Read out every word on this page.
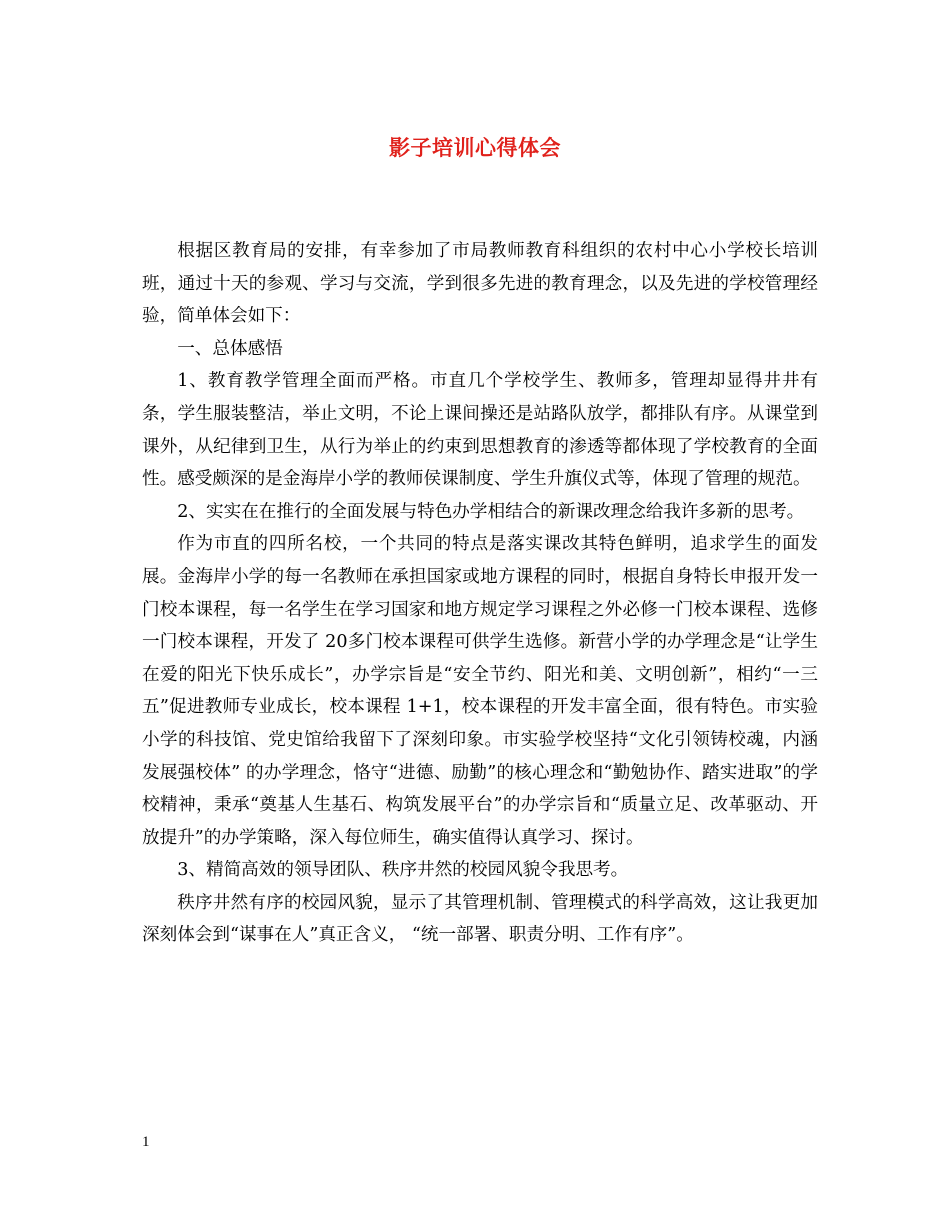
影子培训心得体会

根据区教育局的安排，有幸参加了市局教师教育科组织的农村中心小学校长培训班，通过十天的参观、学习与交流，学到很多先进的教育理念，以及先进的学校管理经验，简单体会如下：

一、总体感悟

1、教育教学管理全面而严格。市直几个学校学生、教师多，管理却显得井井有条，学生服装整洁，举止文明，不论上课间操还是站路队放学，都排队有序。从课堂到课外，从纪律到卫生，从行为举止的约束到思想教育的渗透等都体现了学校教育的全面性。感受颇深的是金海岸小学的教师侯课制度、学生升旗仪式等，体现了管理的规范。

2、实实在在推行的全面发展与特色办学相结合的新课改理念给我许多新的思考。

作为市直的四所名校，一个共同的特点是落实课改其特色鲜明，追求学生的面发展。金海岸小学的每一名教师在承担国家或地方课程的同时，根据自身特长申报开发一门校本课程，每一名学生在学习国家和地方规定学习课程之外必修一门校本课程、选修一门校本课程，开发了 20多门校本课程可供学生选修。新营小学的办学理念是“让学生在爱的阳光下快乐成长”，办学宗旨是“安全节约、阳光和美、文明创新”，相约“一三五”促进教师专业成长，校本课程 1+1，校本课程的开发丰富全面，很有特色。市实验小学的科技馆、党史馆给我留下了深刻印象。市实验学校坚持“文化引领铸校魂，内涵发展强校体” 的办学理念，恪守“进德、励勤”的核心理念和“勤勉协作、踏实进取”的学校精神，秉承“奠基人生基石、构筑发展平台”的办学宗旨和“质量立足、改革驱动、开放提升”的办学策略，深入每位师生，确实值得认真学习、探讨。

3、精简高效的领导团队、秩序井然的校园风貌令我思考。

秩序井然有序的校园风貌，显示了其管理机制、管理模式的科学高效，这让我更加深刻体会到“谋事在人”真正含义， “统一部署、职责分明、工作有序”。

1
